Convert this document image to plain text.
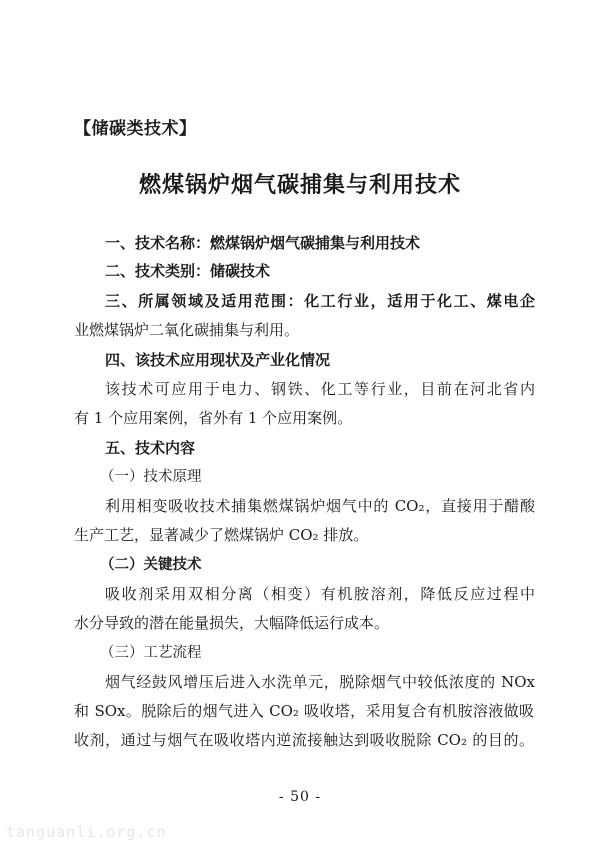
【储碳类技术】
燃煤锅炉烟气碳捕集与利用技术
一、技术名称：燃煤锅炉烟气碳捕集与利用技术
二、技术类别：储碳技术
三、所属领域及适用范围：化工行业，适用于化工、煤电企
业燃煤锅炉二氧化碳捕集与利用。
四、该技术应用现状及产业化情况
该技术可应用于电力、钢铁、化工等行业，目前在河北省内
有 1 个应用案例，省外有 1 个应用案例。
五、技术内容
（一）技术原理
利用相变吸收技术捕集燃煤锅炉烟气中的 CO₂，直接用于醋酸
生产工艺，显著减少了燃煤锅炉 CO₂ 排放。
（二）关键技术
吸收剂采用双相分离（相变）有机胺溶剂，降低反应过程中
水分导致的潜在能量损失，大幅降低运行成本。
（三）工艺流程
烟气经鼓风增压后进入水洗单元，脱除烟气中较低浓度的 NOx
和 SOx。脱除后的烟气进入 CO₂ 吸收塔，采用复合有机胺溶液做吸
收剂，通过与烟气在吸收塔内逆流接触达到吸收脱除 CO₂ 的目的。
- 50 -
tanguanli.org.cn
